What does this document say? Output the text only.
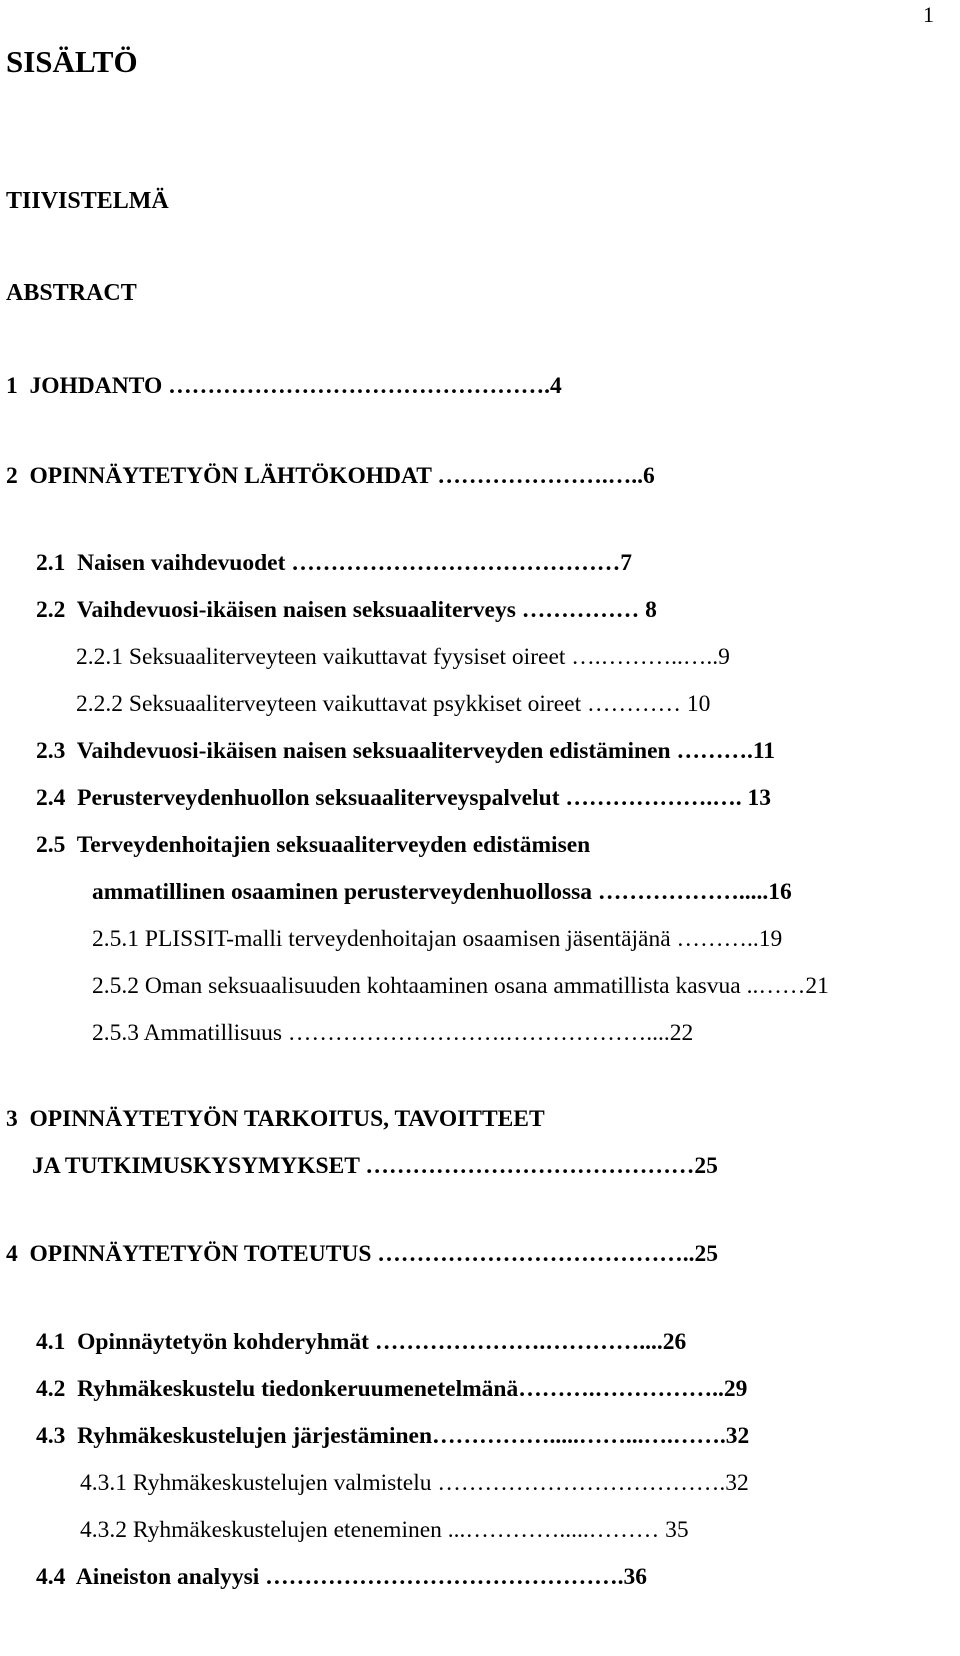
1
SISÄLTÖ
TIIVISTELMÄ
ABSTRACT
1  JOHDANTO ………………………………………….4
2  OPINNÄYTETYÖN LÄHTÖKOHDAT ………………….…..6
2.1  Naisen vaihdevuodet ……………………………………7
2.2  Vaihdevuosi-ikäisen naisen seksuaaliterveys …………… 8
2.2.1 Seksuaaliterveyteen vaikuttavat fyysiset oireet ….………..…..9
2.2.2 Seksuaaliterveyteen vaikuttavat psykkiset oireet ………… 10
2.3  Vaihdevuosi-ikäisen naisen seksuaaliterveyden edistäminen ……….11
2.4  Perusterveydenhuollon seksuaaliterveyspalvelut ……………….…. 13
2.5  Terveydenhoitajien seksuaaliterveyden edistämisen
ammatillinen osaaminen perusterveydenhuollossa ……………….....16
2.5.1 PLISSIT-malli terveydenhoitajan osaamisen jäsentäjänä ………..19
2.5.2 Oman seksuaalisuuden kohtaaminen osana ammatillista kasvua ..……21
2.5.3 Ammatillisuus ……………………….………………....22
3  OPINNÄYTETYÖN TARKOITUS, TAVOITTEET
JA TUTKIMUSKYSYMYKSET ……………………………………25
4  OPINNÄYTETYÖN TOTEUTUS …………………………………..25
4.1  Opinnäytetyön kohderyhmät ………………….…………....26
4.2  Ryhmäkeskustelu tiedonkeruumenetelmänä……….……………..29
4.3  Ryhmäkeskustelujen järjestäminen…………….....……...….…….32
4.3.1 Ryhmäkeskustelujen valmistelu ……………………………….32
4.3.2 Ryhmäkeskustelujen eteneminen ...………….....……… 35
4.4  Aineiston analyysi ……………………………………….36
